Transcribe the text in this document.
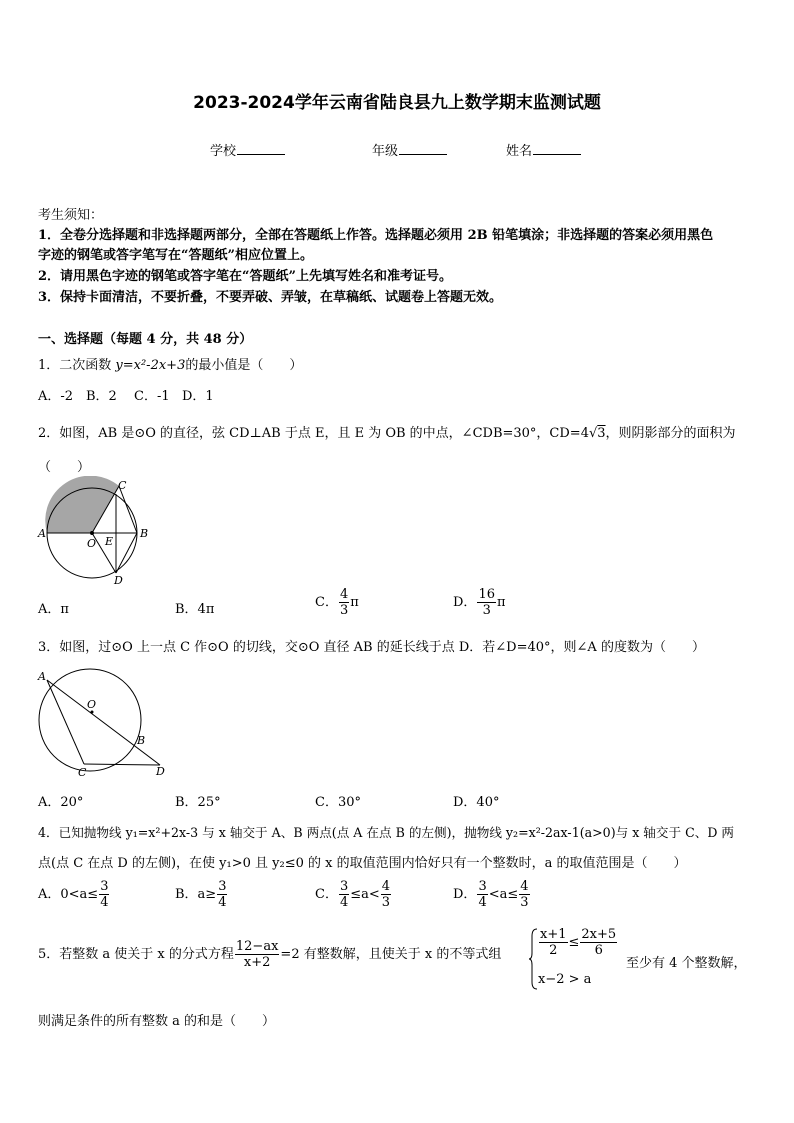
2023-2024学年云南省陆良县九上数学期末监测试题
学校	年级	姓名
考生须知：
1．全卷分选择题和非选择题两部分，全部在答题纸上作答。选择题必须用 2B 铅笔填涂；非选择题的答案必须用黑色
字迹的钢笔或答字笔写在“答题纸”相应位置上。
2．请用黑色字迹的钢笔或答字笔在“答题纸”上先填写姓名和准考证号。
3．保持卡面清洁，不要折叠，不要弄破、弄皱，在草稿纸、试题卷上答题无效。
一、选择题（每题 4 分，共 48 分）
1．二次函数 y=x²-2x+3的最小值是（　　）
A．-2 B．2 C．-1 D．1
2．如图，AB 是⊙O 的直径，弦 CD⊥AB 于点 E，且 E 为 OB 的中点，∠CDB=30°，CD=4√3，则阴影部分的面积为
（　　）
A	B
C
D
O E
A．π	B．4π	C． $\frac{4}{3}$ π	D． $\frac{16}{3}$ π
3．如图，过⊙O 上一点 C 作⊙O 的切线，交⊙O 直径 AB 的延长线于点 D．若∠D=40°，则∠A 的度数为（　　）
A
O
B
C	D
A．20°	B．25°	C．30°	D．40°
4．已知抛物线 y₁=x²+2x-3 与 x 轴交于 A、B 两点(点 A 在点 B 的左侧)，抛物线 y₂=x²-2ax-1(a>0)与 x 轴交于 C、D 两
点(点 C 在点 D 的左侧)，在使 y₁>0 且 y₂≤0 的 x 的取值范围内恰好只有一个整数时，a 的取值范围是（　　）
A．$0<a\le \frac{3}{4}$	B．$a\ge \frac{3}{4}$	C． $\frac{3}{4} \le a< \frac{4}{3}$	D． $\frac{3}{4} <a\le \frac{4}{3}$
5．若整数 a 使关于 x 的分式方程 $\frac{12-ax}{x+2} =2$ 有整数解，且使关于 x 的不等式组	$\frac{x+1}{2} \le \frac{2x+5}{6}$
x−2 > a
至少有 4 个整数解，
则满足条件的所有整数 a 的和是（　　）
